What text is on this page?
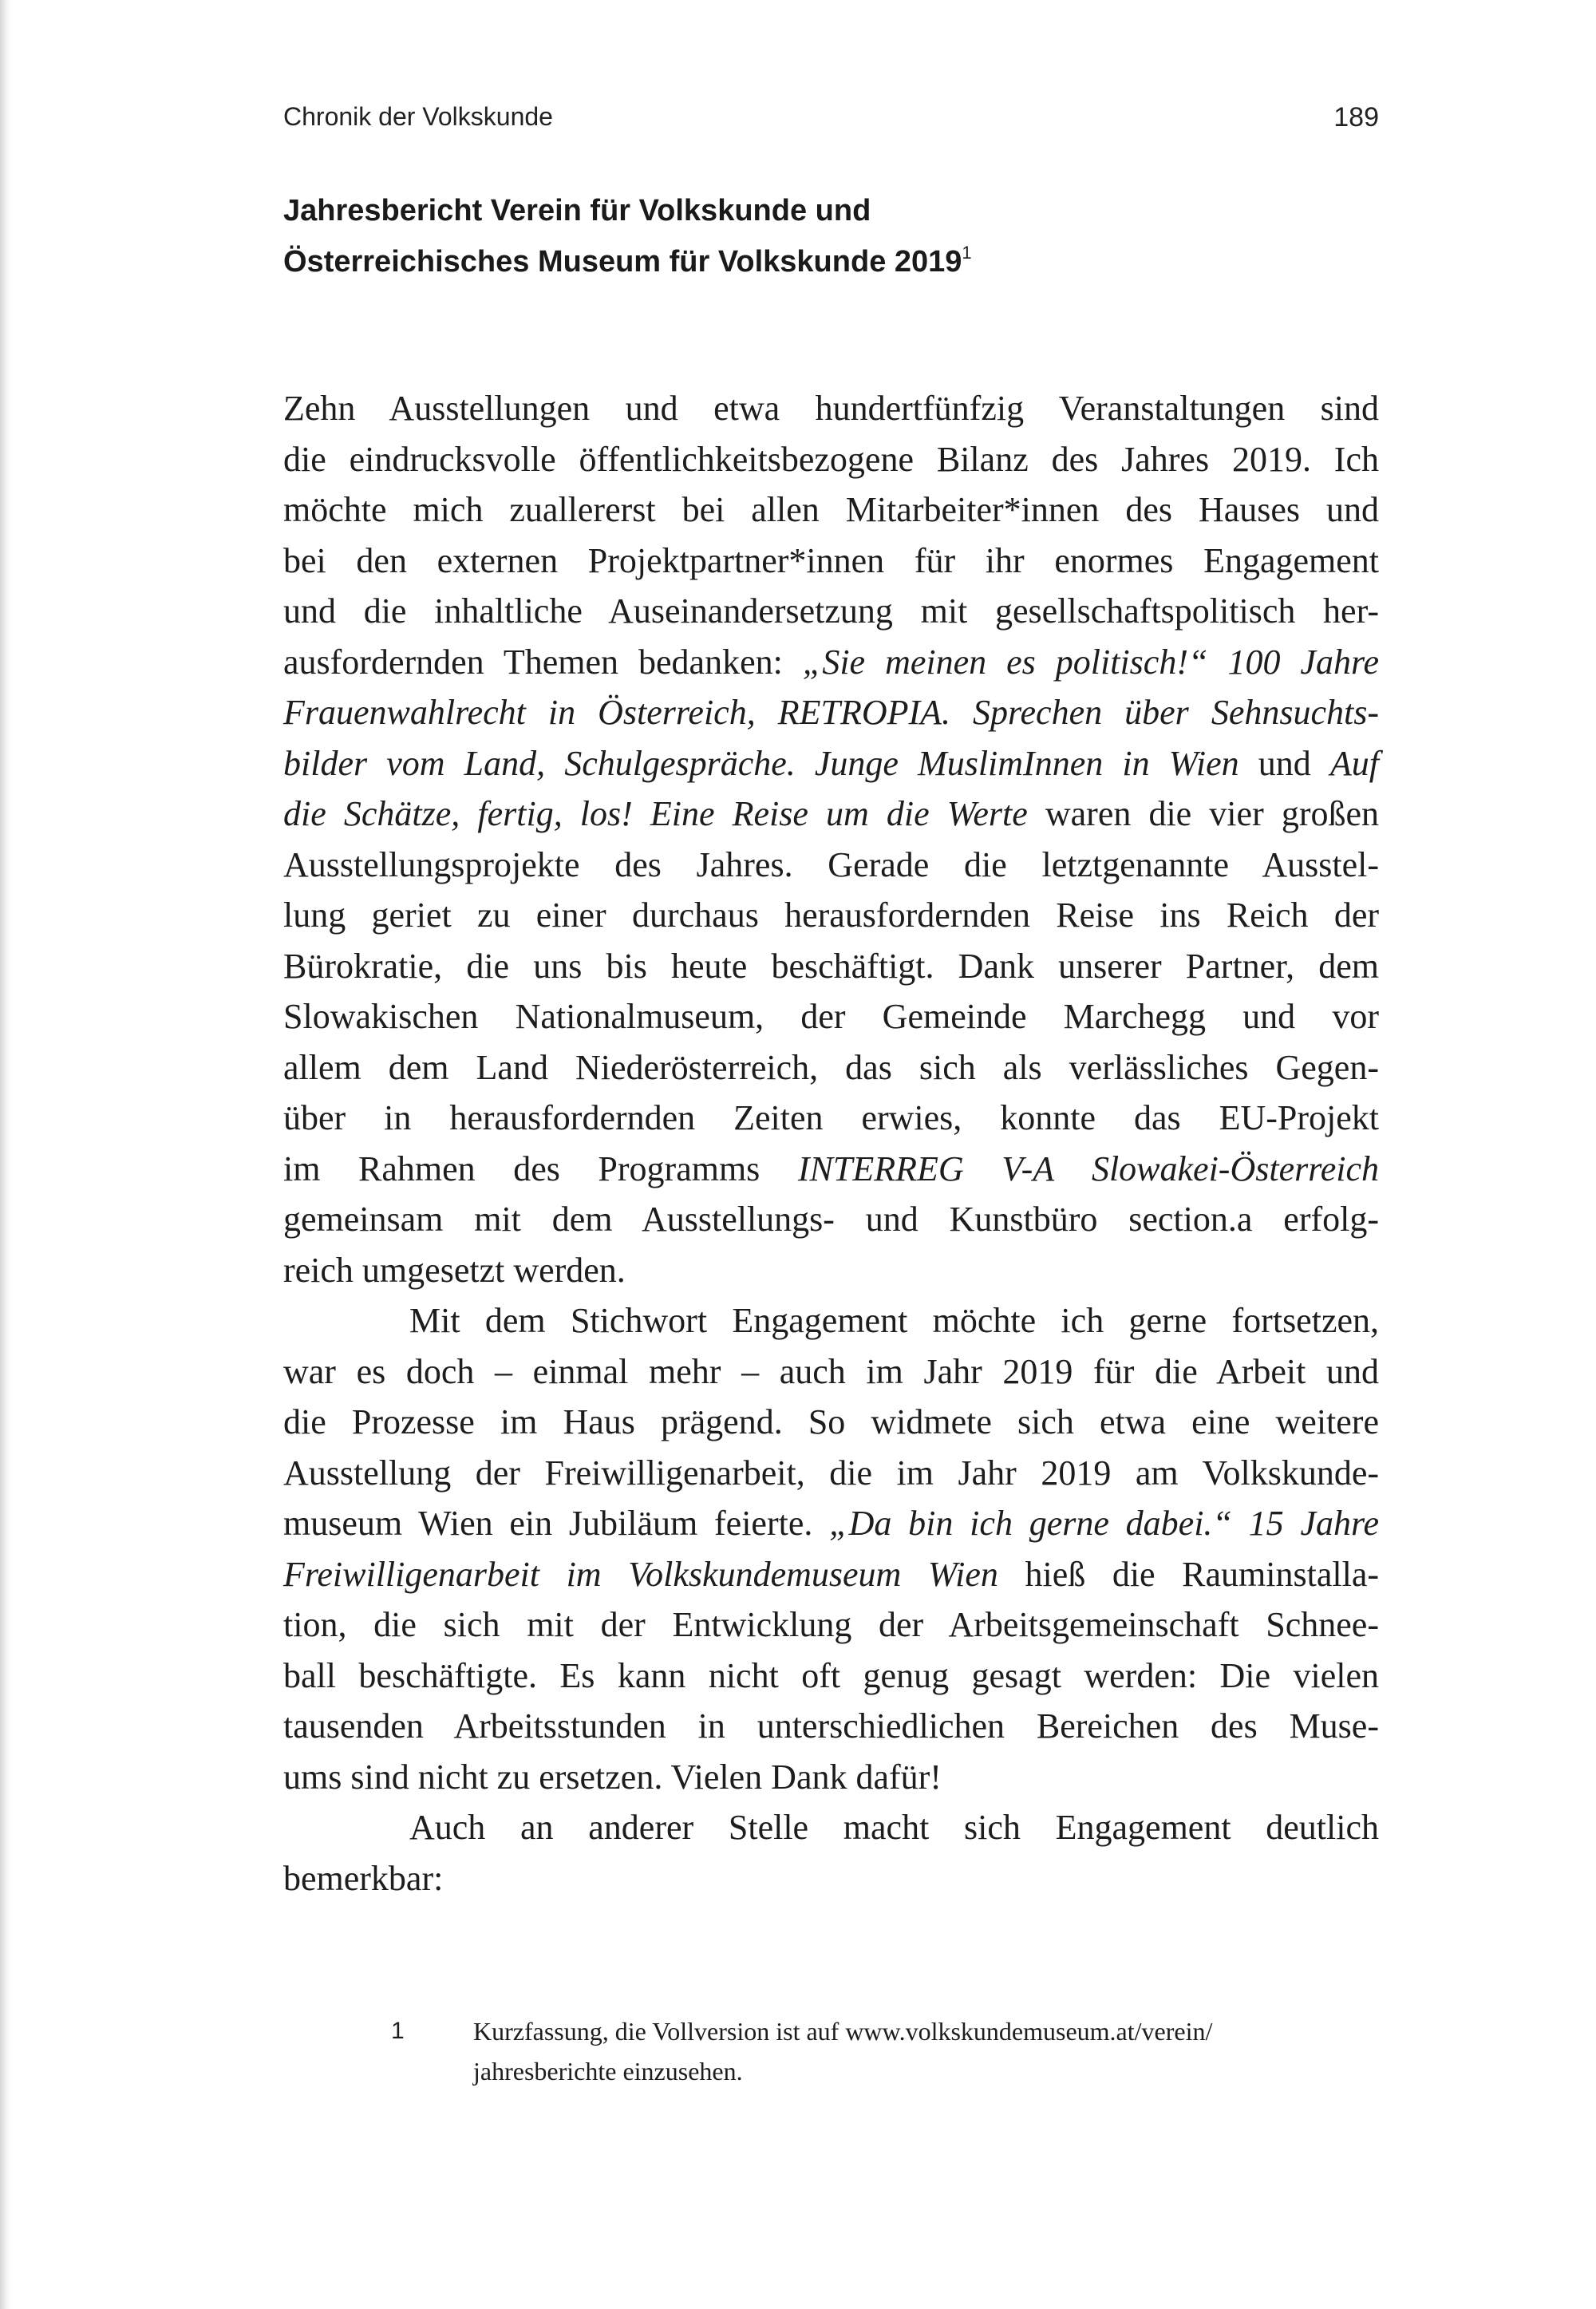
Chronik der Volkskunde	189
Jahresbericht Verein für Volkskunde und
Österreichisches Museum für Volkskunde 2019$^1$
Zehn Ausstellungen und etwa hundertfünfzig Veranstaltungen sind
die eindrucksvolle öffentlichkeitsbezogene Bilanz des Jahres 2019. Ich
möchte mich zuallererst bei allen Mitarbeiter*innen des Hauses und
bei den externen Projektpartner*innen für ihr enormes Engagement
und die inhaltliche Auseinandersetzung mit gesellschaftspolitisch her-
ausfordernden Themen bedanken: „Sie meinen es politisch!“ 100 Jahre
Frauenwahlrecht in Österreich, RETROPIA. Sprechen über Sehnsuchts-
bilder vom Land, Schulgespräche. Junge MuslimInnen in Wien und Auf
die Schätze, fertig, los! Eine Reise um die Werte waren die vier großen
Ausstellungsprojekte des Jahres. Gerade die letztgenannte Ausstel-
lung geriet zu einer durchaus herausfordernden Reise ins Reich der
Bürokratie, die uns bis heute beschäftigt. Dank unserer Partner, dem
Slowakischen Nationalmuseum, der Gemeinde Marchegg und vor
allem dem Land Niederösterreich, das sich als verlässliches Gegen-
über in herausfordernden Zeiten erwies, konnte das EU-Projekt
im Rahmen des Programms INTERREG V-A Slowakei-Österreich
gemeinsam mit dem Ausstellungs- und Kunstbüro section.a erfolg-
reich umgesetzt werden.
Mit dem Stichwort Engagement möchte ich gerne fortsetzen,
war es doch – einmal mehr – auch im Jahr 2019 für die Arbeit und
die Prozesse im Haus prägend. So widmete sich etwa eine weitere
Ausstellung der Freiwilligenarbeit, die im Jahr 2019 am Volkskunde-
museum Wien ein Jubiläum feierte. „Da bin ich gerne dabei.“ 15 Jahre
Freiwilligenarbeit im Volkskundemuseum Wien hieß die Rauminstalla-
tion, die sich mit der Entwicklung der Arbeitsgemeinschaft Schnee-
ball beschäftigte. Es kann nicht oft genug gesagt werden: Die vielen
tausenden Arbeitsstunden in unterschiedlichen Bereichen des Muse-
ums sind nicht zu ersetzen. Vielen Dank dafür!
Auch an anderer Stelle macht sich Engagement deutlich
bemerkbar:
1	Kurzfassung, die Vollversion ist auf www.volkskundemuseum.at/verein/
jahresberichte einzusehen.
